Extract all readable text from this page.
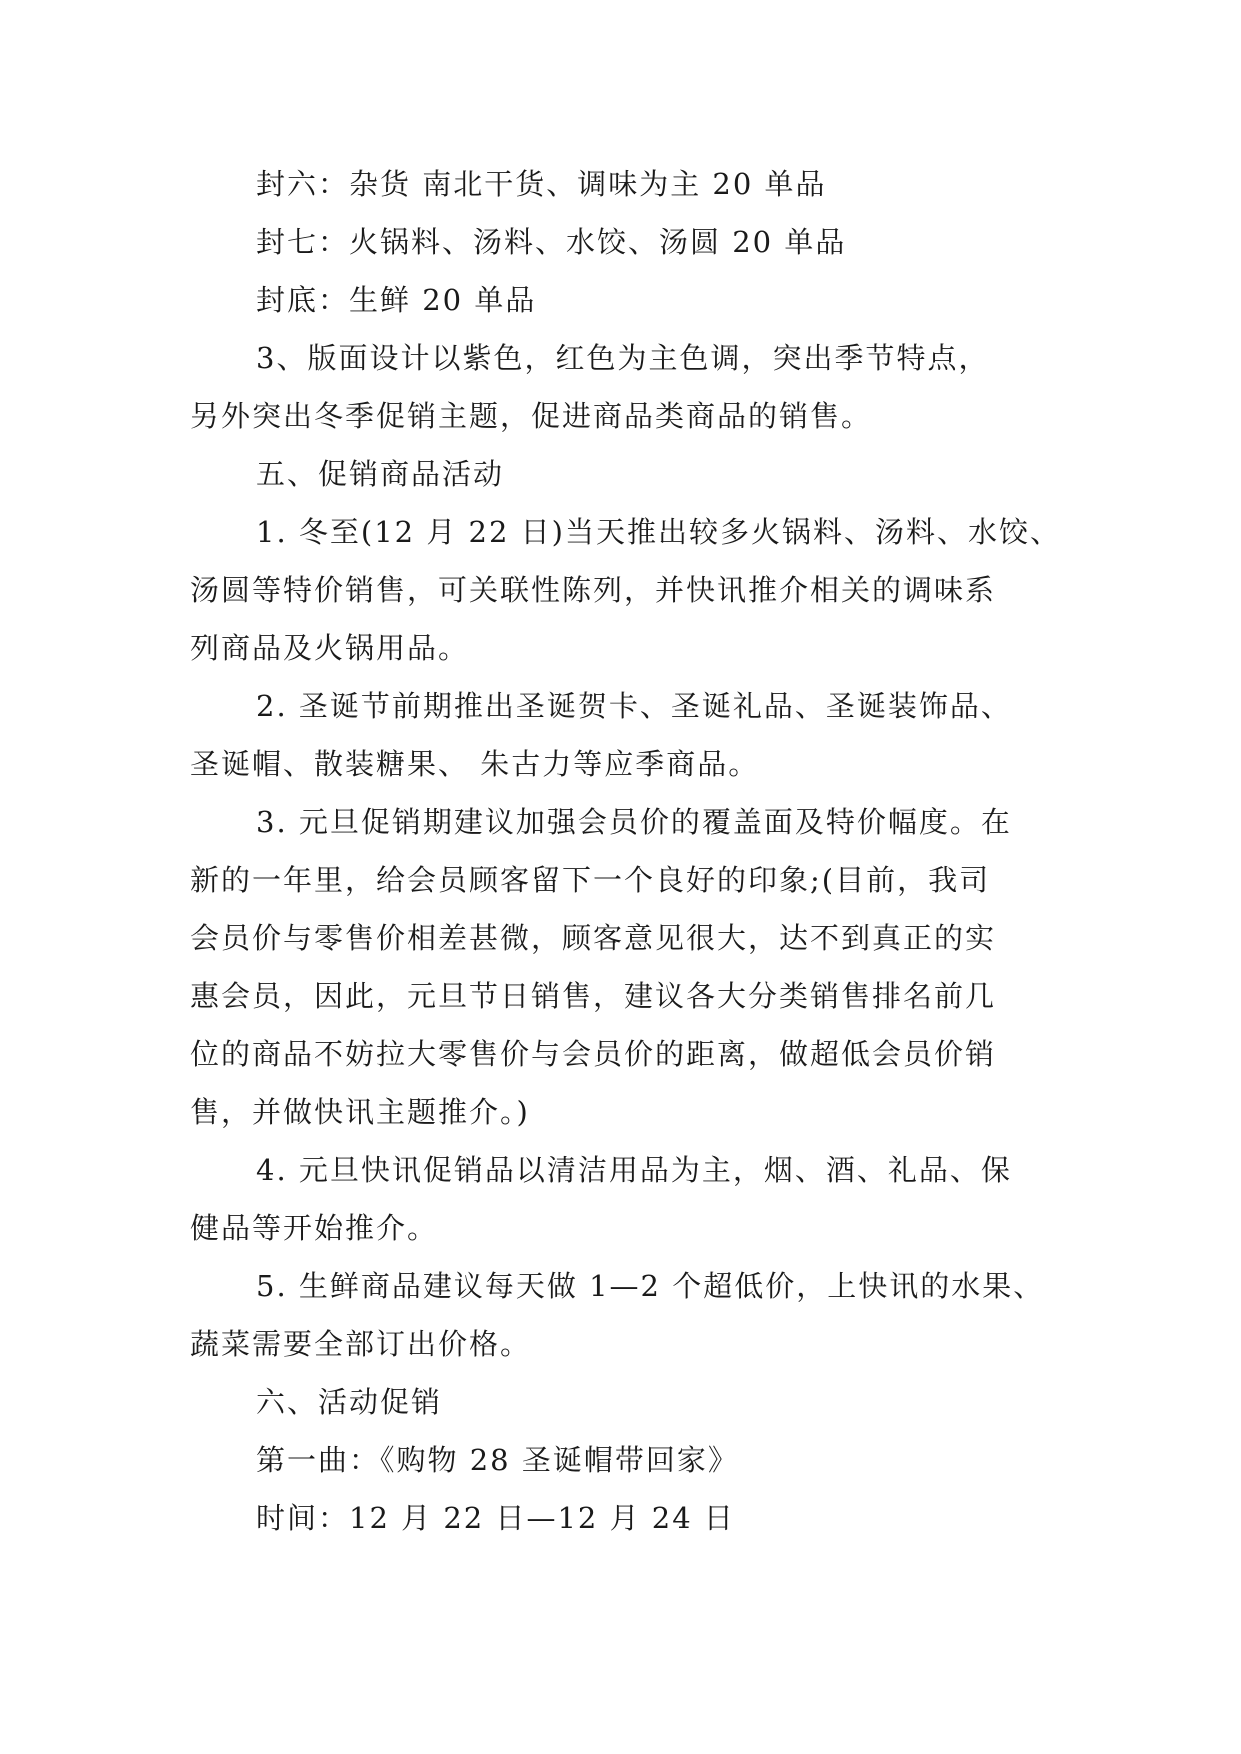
封六：杂货 南北干货、调味为主 20 单品
封七：火锅料、汤料、水饺、汤圆 20 单品
封底：生鲜 20 单品
3、版面设计以紫色，红色为主色调，突出季节特点，
另外突出冬季促销主题，促进商品类商品的销售。
五、促销商品活动
1. 冬至(12 月 22 日)当天推出较多火锅料、汤料、水饺、
汤圆等特价销售，可关联性陈列，并快讯推介相关的调味系
列商品及火锅用品。
2. 圣诞节前期推出圣诞贺卡、圣诞礼品、圣诞装饰品、
圣诞帽、散装糖果、 朱古力等应季商品。
3. 元旦促销期建议加强会员价的覆盖面及特价幅度。在
新的一年里，给会员顾客留下一个良好的印象;(目前，我司
会员价与零售价相差甚微，顾客意见很大，达不到真正的实
惠会员，因此，元旦节日销售，建议各大分类销售排名前几
位的商品不妨拉大零售价与会员价的距离，做超低会员价销
售，并做快讯主题推介。)
4. 元旦快讯促销品以清洁用品为主，烟、酒、礼品、保
健品等开始推介。
5. 生鲜商品建议每天做 1—2 个超低价，上快讯的水果、
蔬菜需要全部订出价格。
六、活动促销
第一曲：《购物 28 圣诞帽带回家》
时间：12 月 22 日—12 月 24 日
